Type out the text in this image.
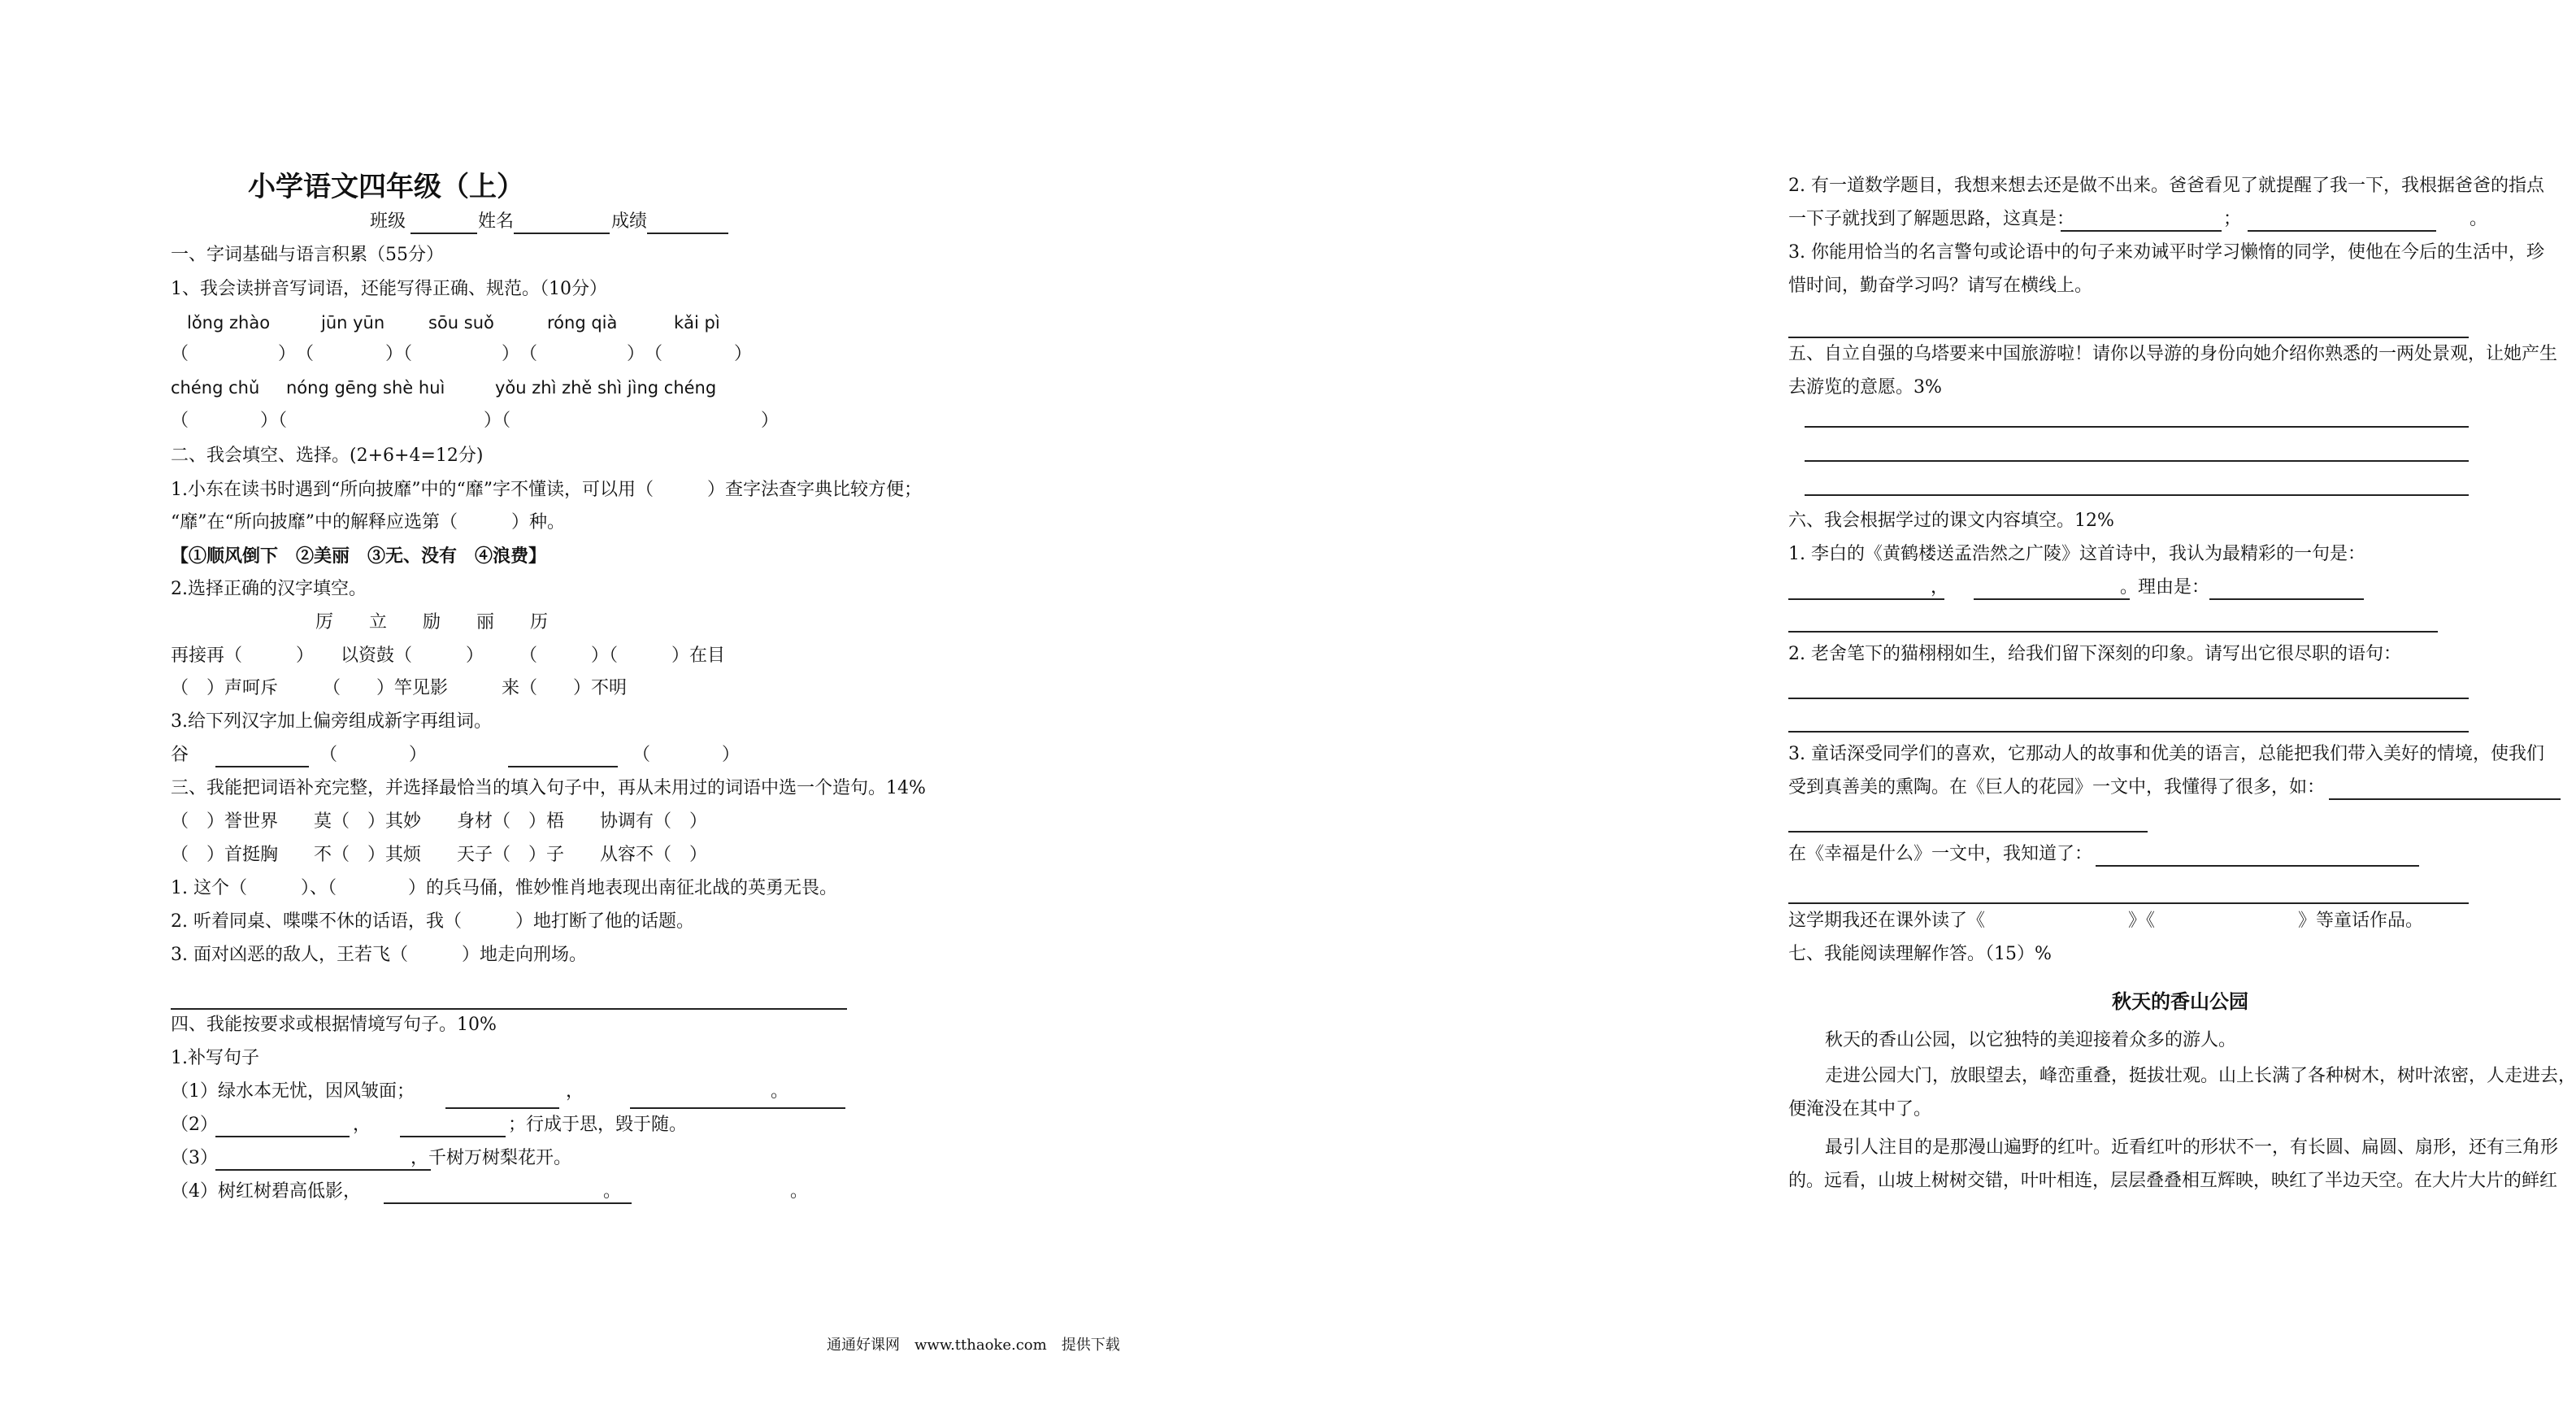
小学语文四年级（上）
班级	姓名	成绩
一、字词基础与语言积累（55分）
1、我会读拼音写词语，还能写得正确、规范。（10分）
lǒng zhào	jūn yūn	sōu suǒ	róng qià	kǎi pì
（　　　　　）　（　　　　）（　　　　　）　（　　　　　）　（　　　　）
chéng chǔ nóng gēng shè huì	yǒu zhì zhě shì jìng chéng
（　　　　）（　　　　　　　　　　　）（　　　　　　　　　　　　　　）
二、我会填空、选择。(2+6+4=12分)
1.小东在读书时遇到“所向披靡”中的“靡”字不懂读，可以用（　　　）查字法查字典比较方便；
“靡”在“所向披靡”中的解释应选第（　　　）种。
【①顺风倒下　②美丽　③无、没有　④浪费】
2.选择正确的汉字填空。
厉　　立　　励　　丽　　历
再接再（　　　）　　以资鼓（　　　）　　　（　　　）（　　　）在目
（　）声呵斥　　　（　　）竿见影　　　来（　　）不明
3.给下列汉字加上偏旁组成新字再组词。
谷	（　　　　）	（　　　　）
三、我能把词语补充完整，并选择最恰当的填入句子中，再从未用过的词语中选一个造句。14%
（　）誉世界　　莫（　）其妙　　身材（　）梧　　协调有（　）
（　）首挺胸　　不（　）其烦　　天子（　）子　　从容不（　）
1. 这个（　　　）、（　　　　）的兵马俑，惟妙惟肖地表现出南征北战的英勇无畏。
2. 听着同桌、喋喋不休的话语，我（　　　）地打断了他的话题。
3. 面对凶恶的敌人，王若飞（　　　）地走向刑场。
四、我能按要求或根据情境写句子。10%
1.补写句子
（1）绿水本无忧，因风皱面；	，	。
（2）	，	；行成于思，毁于随。
（3）	，千树万树梨花开。
（4）树红树碧高低影，	。	。
2. 有一道数学题目，我想来想去还是做不出来。爸爸看见了就提醒了我一下，我根据爸爸的指点
一下子就找到了解题思路，这真是：	；	。
3. 你能用恰当的名言警句或论语中的句子来劝诫平时学习懒惰的同学，使他在今后的生活中，珍
惜时间，勤奋学习吗？请写在横线上。
五、自立自强的乌塔要来中国旅游啦！请你以导游的身份向她介绍你熟悉的一两处景观，让她产生
去游览的意愿。3%
六、我会根据学过的课文内容填空。12%
1. 李白的《黄鹤楼送孟浩然之广陵》这首诗中，我认为最精彩的一句是：
，	。理由是：
2. 老舍笔下的猫栩栩如生，给我们留下深刻的印象。请写出它很尽职的语句：
3. 童话深受同学们的喜欢，它那动人的故事和优美的语言，总能把我们带入美好的情境，使我们
受到真善美的熏陶。在《巨人的花园》一文中，我懂得了很多，如：
在《幸福是什么》一文中，我知道了：
这学期我还在课外读了《　　　　　　　　》《　　　　　　　　》等童话作品。
七、我能阅读理解作答。（15）%
秋天的香山公园
秋天的香山公园，以它独特的美迎接着众多的游人。
走进公园大门，放眼望去，峰峦重叠，挺拔壮观。山上长满了各种树木，树叶浓密，人走进去，
便淹没在其中了。
最引人注目的是那漫山遍野的红叶。近看红叶的形状不一，有长圆、扁圆、扇形，还有三角形
的。远看，山坡上树树交错，叶叶相连，层层叠叠相互辉映，映红了半边天空。在大片大片的鲜红
通通好课网　www.tthaoke.com　提供下载
